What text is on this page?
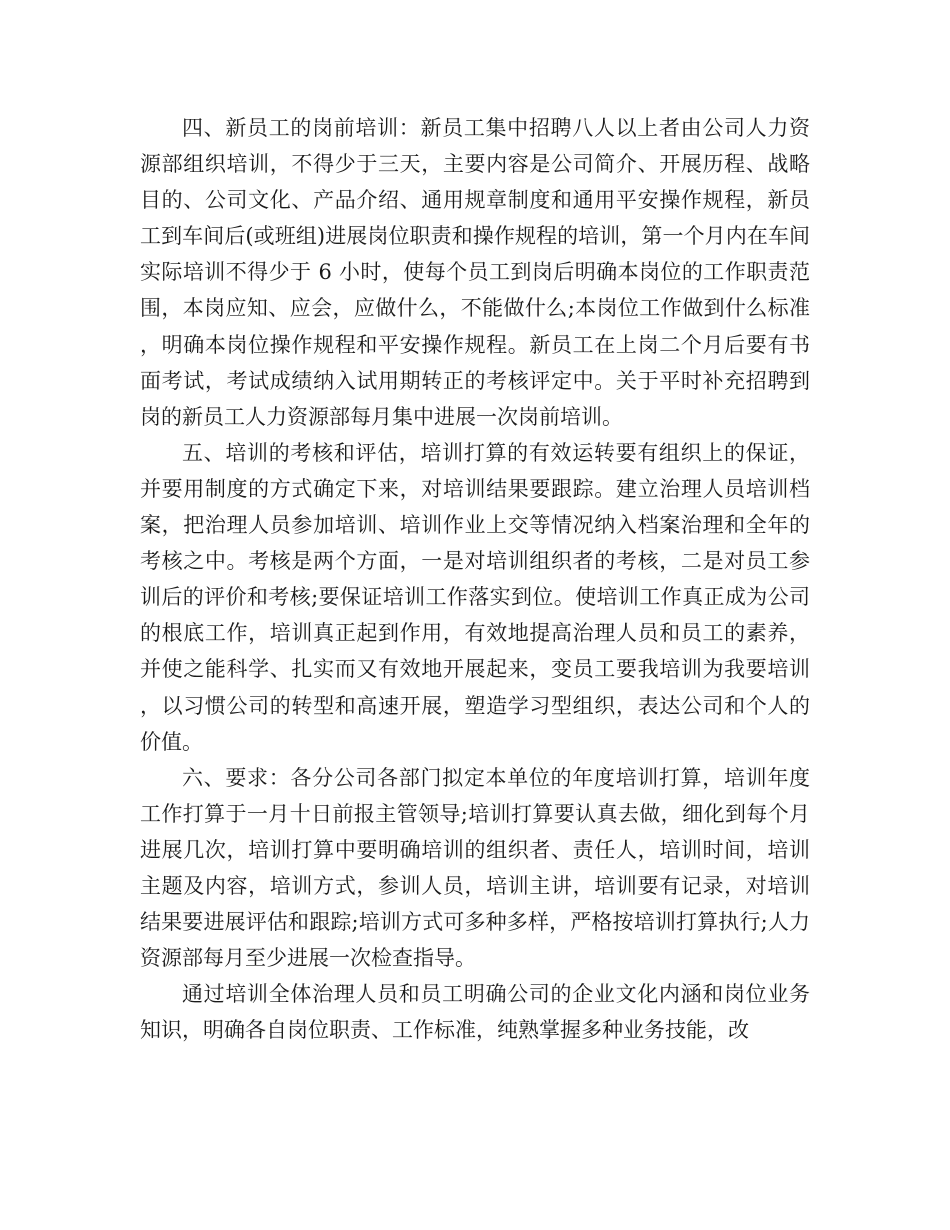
四、新员工的岗前培训：新员工集中招聘八人以上者由公司人力资源部组织培训，不得少于三天，主要内容是公司简介、开展历程、战略目的、公司文化、产品介绍、通用规章制度和通用平安操作规程，新员工到车间后(或班组)进展岗位职责和操作规程的培训，第一个月内在车间实际培训不得少于 6 小时，使每个员工到岗后明确本岗位的工作职责范围，本岗应知、应会，应做什么，不能做什么;本岗位工作做到什么标准，明确本岗位操作规程和平安操作规程。新员工在上岗二个月后要有书面考试，考试成绩纳入试用期转正的考核评定中。关于平时补充招聘到岗的新员工人力资源部每月集中进展一次岗前培训。

五、培训的考核和评估，培训打算的有效运转要有组织上的保证，并要用制度的方式确定下来，对培训结果要跟踪。建立治理人员培训档案，把治理人员参加培训、培训作业上交等情况纳入档案治理和全年的考核之中。考核是两个方面，一是对培训组织者的考核，二是对员工参训后的评价和考核;要保证培训工作落实到位。使培训工作真正成为公司的根底工作，培训真正起到作用，有效地提高治理人员和员工的素养，并使之能科学、扎实而又有效地开展起来，变员工要我培训为我要培训，以习惯公司的转型和高速开展，塑造学习型组织，表达公司和个人的价值。

六、要求：各分公司各部门拟定本单位的年度培训打算，培训年度工作打算于一月十日前报主管领导;培训打算要认真去做，细化到每个月进展几次，培训打算中要明确培训的组织者、责任人，培训时间，培训主题及内容，培训方式，参训人员，培训主讲，培训要有记录，对培训结果要进展评估和跟踪;培训方式可多种多样，严格按培训打算执行;人力资源部每月至少进展一次检查指导。

通过培训全体治理人员和员工明确公司的企业文化内涵和岗位业务知识，明确各自岗位职责、工作标准，纯熟掌握多种业务技能，改
